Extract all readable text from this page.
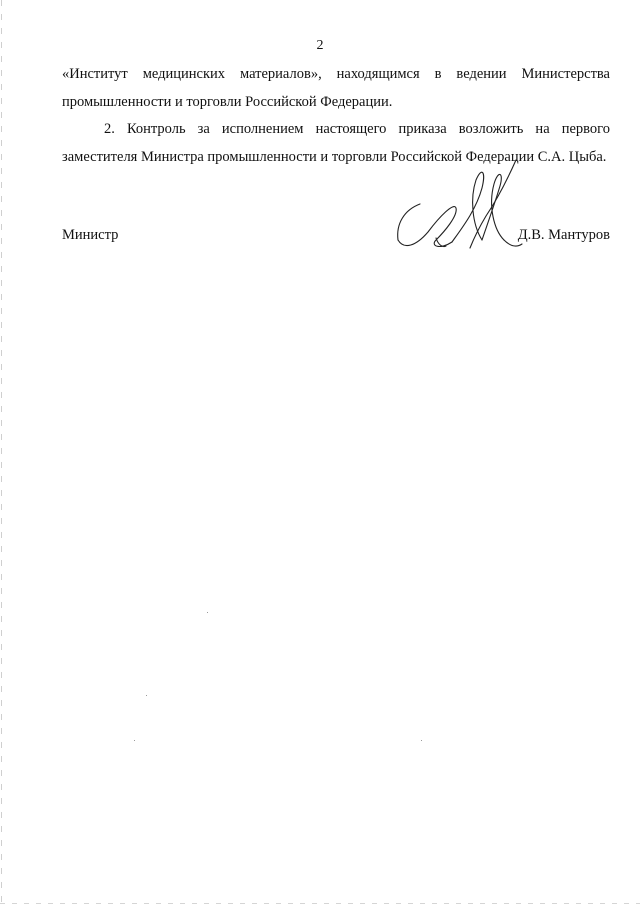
2

«Институт медицинских материалов», находящимся в ведении Министерства промышленности и торговли Российской Федерации.

2. Контроль за исполнением настоящего приказа возложить на первого заместителя Министра промышленности и торговли Российской Федерации С.А. Цыба.

Министр	Д.В. Мантуров
